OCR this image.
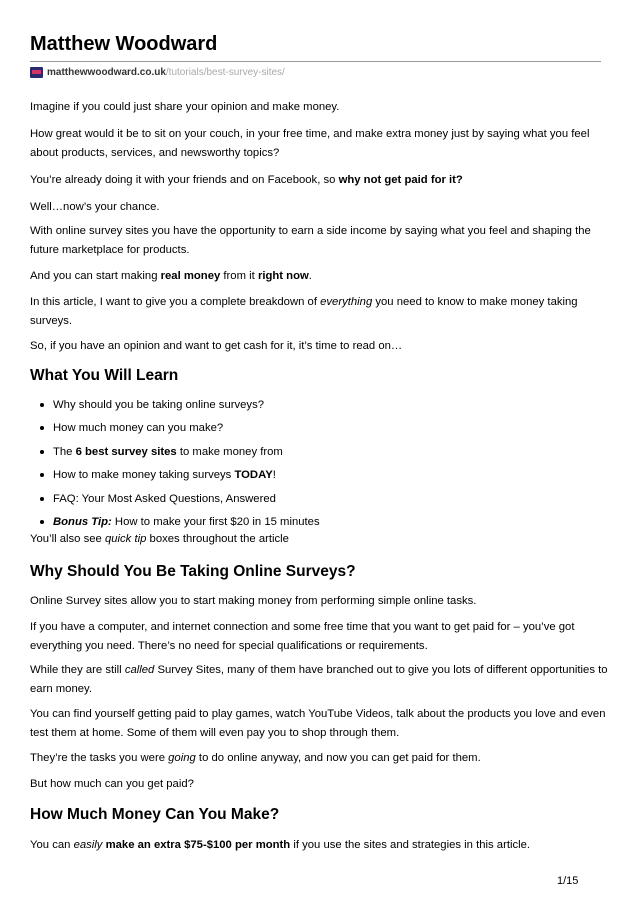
Matthew Woodward
matthewwoodward.co.uk /tutorials/best-survey-sites/

Imagine if you could just share your opinion and make money.

How great would it be to sit on your couch, in your free time, and make extra money just by saying what you feel about products, services, and newsworthy topics?

You’re already doing it with your friends and on Facebook, so why not get paid for it?

Well…now’s your chance.

With online survey sites you have the opportunity to earn a side income by saying what you feel and shaping the future marketplace for products.

And you can start making real money from it right now.

In this article, I want to give you a complete breakdown of everything you need to know to make money taking surveys.

So, if you have an opinion and want to get cash for it, it’s time to read on…

What You Will Learn
Why should you be taking online surveys?
How much money can you make?
The 6 best survey sites to make money from
How to make money taking surveys TODAY!
FAQ: Your Most Asked Questions, Answered
Bonus Tip: How to make your first $20 in 15 minutes

You’ll also see quick tip boxes throughout the article

Why Should You Be Taking Online Surveys?

Online Survey sites allow you to start making money from performing simple online tasks.

If you have a computer, and internet connection and some free time that you want to get paid for – you’ve got everything you need. There’s no need for special qualifications or requirements.

While they are still called Survey Sites, many of them have branched out to give you lots of different opportunities to earn money.

You can find yourself getting paid to play games, watch YouTube Videos, talk about the products you love and even test them at home. Some of them will even pay you to shop through them.

They’re the tasks you were going to do online anyway, and now you can get paid for them.

But how much can you get paid?

How Much Money Can You Make?

You can easily make an extra $75-$100 per month if you use the sites and strategies in this article.

1/15
